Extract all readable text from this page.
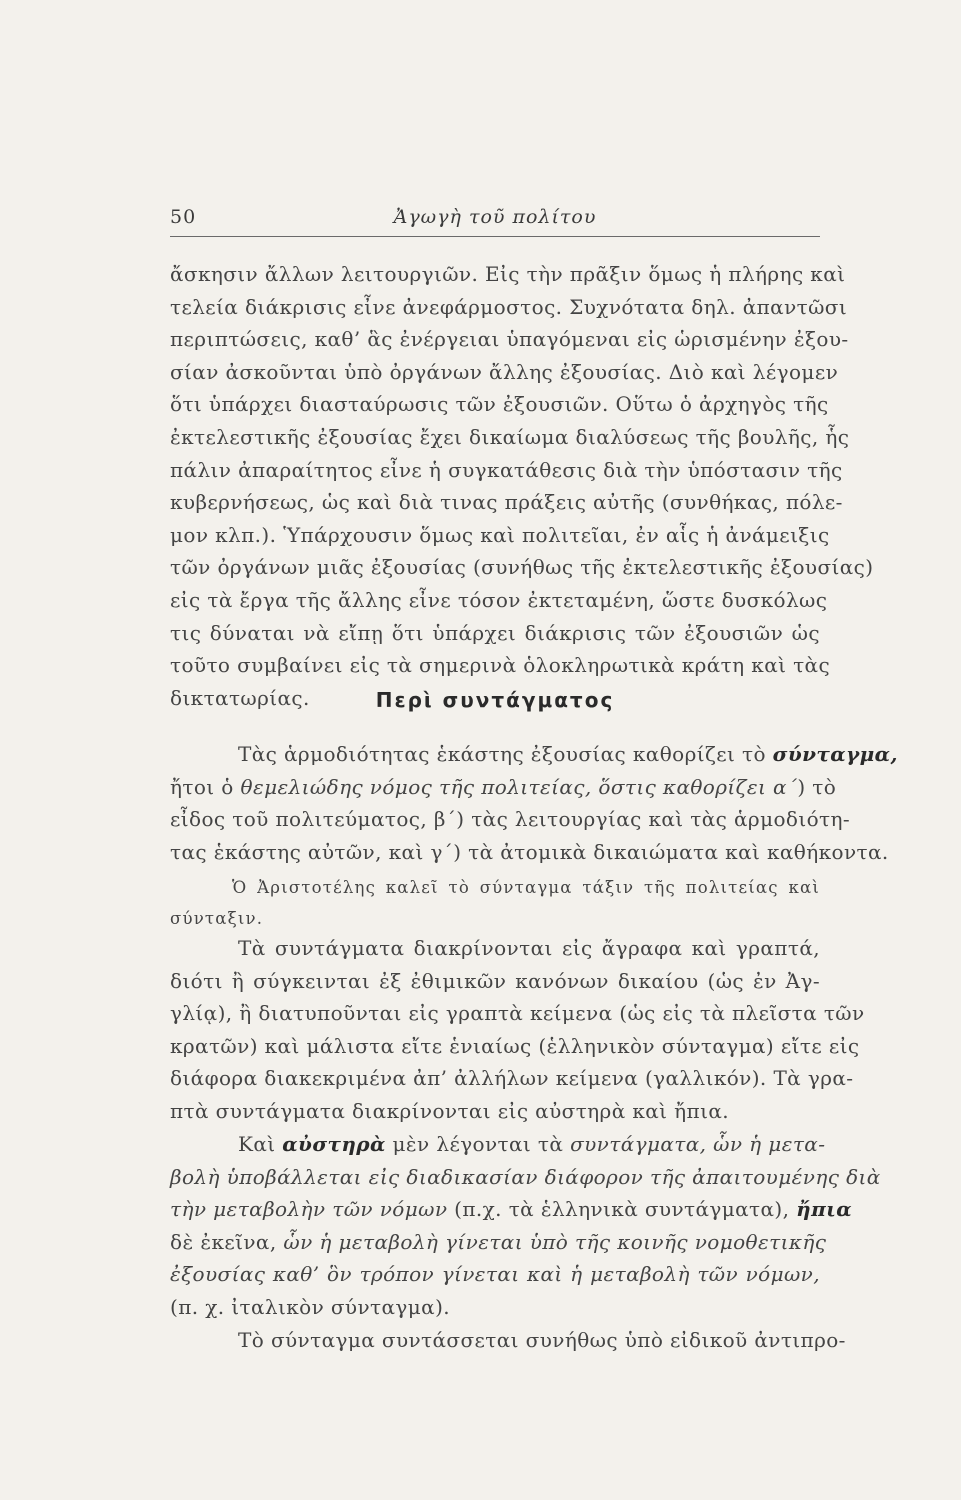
50	Ἀγωγὴ τοῦ πολίτου
ἄσκησιν ἄλλων λειτουργιῶν. Εἰς τὴν πρᾶξιν ὅμως ἡ πλήρης καὶ
τελεία διάκρισις εἶνε ἀνεφάρμοστος. Συχνότατα δηλ. ἀπαντῶσι
περιπτώσεις, καθ’ ἃς ἐνέργειαι ὑπαγόμεναι εἰς ὡρισμένην ἐξου-
σίαν ἀσκοῦνται ὑπὸ ὀργάνων ἄλλης ἐξουσίας. Διὸ καὶ λέγομεν
ὅτι ὑπάρχει διασταύρωσις τῶν ἐξουσιῶν. Οὕτω ὁ ἀρχηγὸς τῆς
ἐκτελεστικῆς ἐξουσίας ἔχει δικαίωμα διαλύσεως τῆς βουλῆς, ἧς
πάλιν ἀπαραίτητος εἶνε ἡ συγκατάθεσις διὰ τὴν ὑπόστασιν τῆς
κυβερνήσεως, ὡς καὶ διὰ τινας πράξεις αὐτῆς (συνθήκας, πόλε-
μον κλπ.). Ὑπάρχουσιν ὅμως καὶ πολιτεῖαι, ἐν αἷς ἡ ἀνάμειξις
τῶν ὀργάνων μιᾶς ἐξουσίας (συνήθως τῆς ἐκτελεστικῆς ἐξουσίας)
εἰς τὰ ἔργα τῆς ἄλλης εἶνε τόσον ἐκτεταμένη, ὥστε δυσκόλως
τις δύναται νὰ εἴπῃ ὅτι ὑπάρχει διάκρισις τῶν ἐξουσιῶν ὡς
τοῦτο συμβαίνει εἰς τὰ σημερινὰ ὁλοκληρωτικὰ κράτη καὶ τὰς
δικτατωρίας.	Περὶ συντάγματος
Τὰς ἁρμοδιότητας ἑκάστης ἐξουσίας καθορίζει τὸ σύνταγμα,
ἤτοι ὁ θεμελιώδης νόμος τῆς πολιτείας, ὅστις καθορίζει α΄) τὸ
εἶδος τοῦ πολιτεύματος, β΄) τὰς λειτουργίας καὶ τὰς ἁρμοδιότη-
τας ἑκάστης αὐτῶν, καὶ γ΄) τὰ ἀτομικὰ δικαιώματα καὶ καθήκοντα.
Ὁ Ἀριστοτέλης καλεῖ τὸ σύνταγμα τάξιν τῆς πολιτείας καὶ
σύνταξιν.
Τὰ συντάγματα διακρίνονται εἰς ἄγραφα καὶ γραπτά,
διότι ἢ σύγκεινται ἐξ ἐθιμικῶν κανόνων δικαίου (ὡς ἐν Ἀγ-
γλίᾳ), ἢ διατυποῦνται εἰς γραπτὰ κείμενα (ὡς εἰς τὰ πλεῖστα τῶν
κρατῶν) καὶ μάλιστα εἴτε ἑνιαίως (ἑλληνικὸν σύνταγμα) εἴτε εἰς
διάφορα διακεκριμένα ἀπ’ ἀλλήλων κείμενα (γαλλικόν). Τὰ γρα-
πτὰ συντάγματα διακρίνονται εἰς αὐστηρὰ καὶ ἤπια.
Καὶ αὐστηρὰ μὲν λέγονται τὰ συντάγματα, ὧν ἡ μετα-
βολὴ ὑποβάλλεται εἰς διαδικασίαν διάφορον τῆς ἀπαιτουμένης διὰ
τὴν μεταβολὴν τῶν νόμων (π.χ. τὰ ἑλληνικὰ συντάγματα), ἤπια
δὲ ἐκεῖνα, ὧν ἡ μεταβολὴ γίνεται ὑπὸ τῆς κοινῆς νομοθετικῆς
ἐξουσίας καθ’ ὃν τρόπον γίνεται καὶ ἡ μεταβολὴ τῶν νόμων,
(π. χ. ἰταλικὸν σύνταγμα).
Τὸ σύνταγμα συντάσσεται συνήθως ὑπὸ εἰδικοῦ ἀντιπρο-
